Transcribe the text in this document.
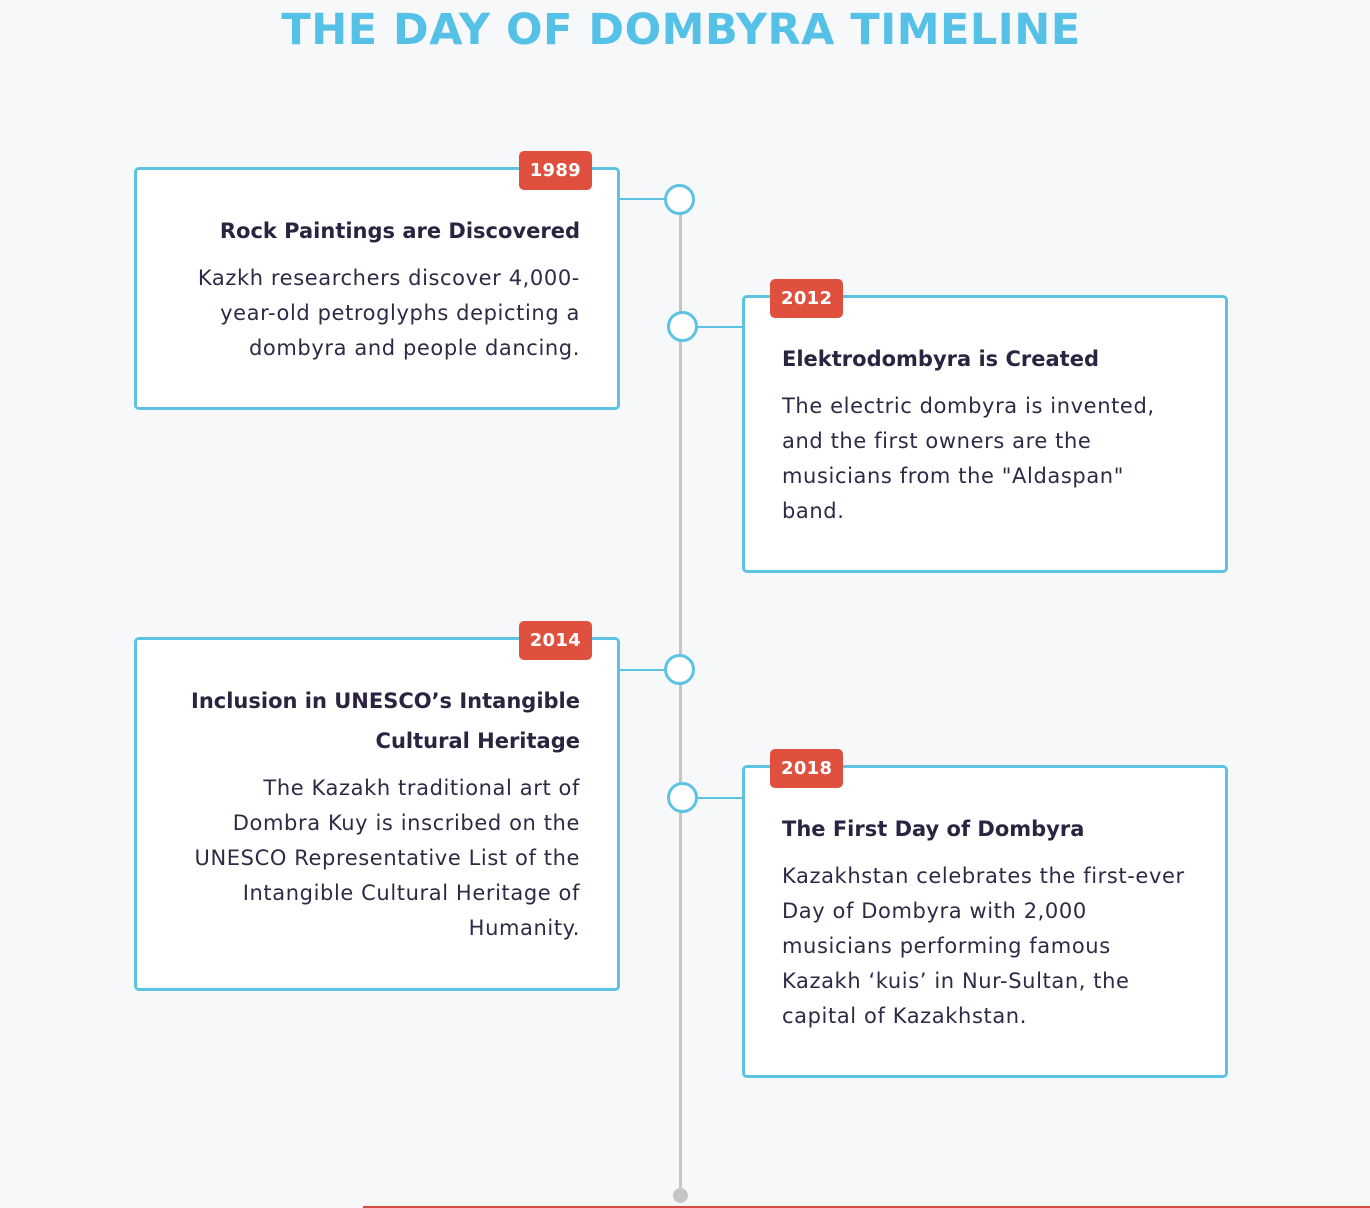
THE DAY OF DOMBYRA TIMELINE
1989
Rock Paintings are Discovered

Kazkh researchers discover 4,000-year-old petroglyphs depicting a dombyra and people dancing.

2012
Elektrodombyra is Created

The electric dombyra is invented, and the first owners are the musicians from the "Aldaspan" band.

2014
Inclusion in UNESCO’s Intangible Cultural Heritage

The Kazakh traditional art of Dombra Kuy is inscribed on the UNESCO Representative List of the Intangible Cultural Heritage of Humanity.

2018
The First Day of Dombyra

Kazakhstan celebrates the first-ever Day of Dombyra with 2,000 musicians performing famous Kazakh ‘kuis’ in Nur-Sultan, the capital of Kazakhstan.
